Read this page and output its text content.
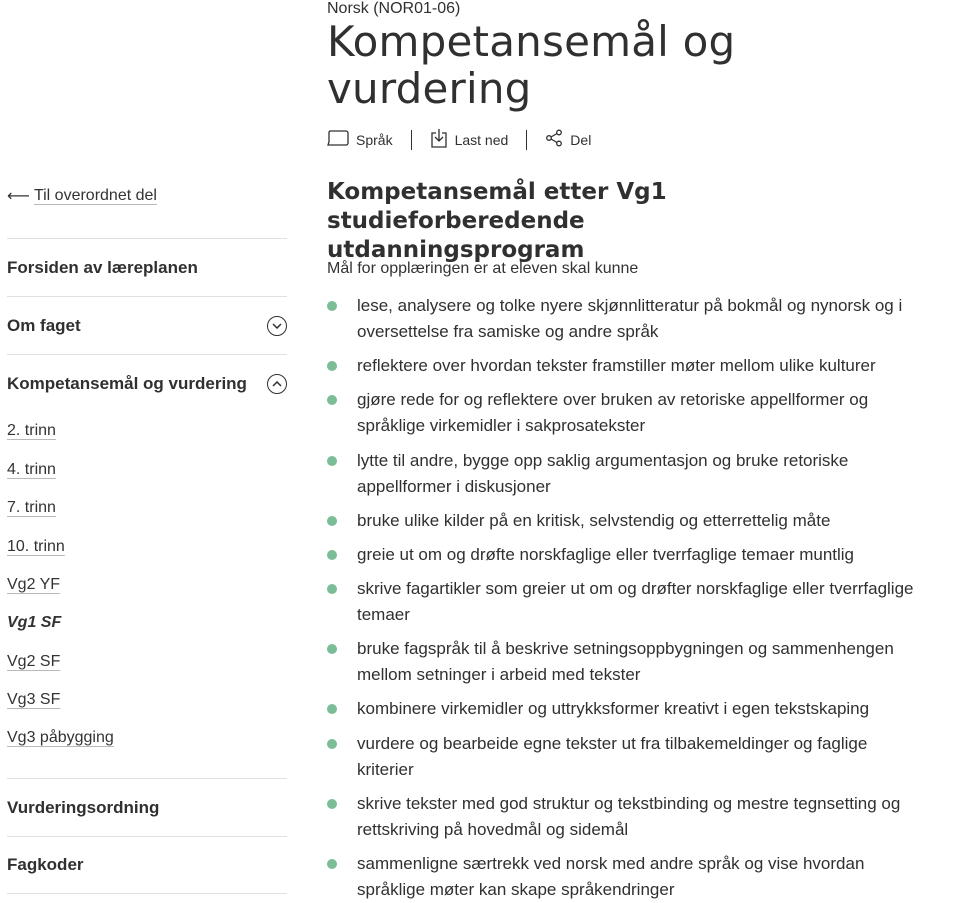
⟵ Til overordnet del
Forsiden av læreplanen
Om faget
Kompetansemål og vurdering
2. trinn
4. trinn
7. trinn
10. trinn
Vg2 YF
Vg1 SF
Vg2 SF
Vg3 SF
Vg3 påbygging
Vurderingsordning
Fagkoder
Norsk (NOR01-06)
Kompetansemål og
vurdering
Språk	Last ned	Del
Kompetansemål etter Vg1 studieforberedende
utdanningsprogram
Mål for opplæringen er at eleven skal kunne
lese, analysere og tolke nyere skjønnlitteratur på bokmål og nynorsk og i oversettelse fra samiske og andre språk
reflektere over hvordan tekster framstiller møter mellom ulike kulturer
gjøre rede for og reflektere over bruken av retoriske appellformer og språklige virkemidler i sakprosatekster
lytte til andre, bygge opp saklig argumentasjon og bruke retoriske appellformer i diskusjoner
bruke ulike kilder på en kritisk, selvstendig og etterrettelig måte
greie ut om og drøfte norskfaglige eller tverrfaglige temaer muntlig
skrive fagartikler som greier ut om og drøfter norskfaglige eller tverrfaglige temaer
bruke fagspråk til å beskrive setningsoppbygningen og sammenhengen mellom setninger i arbeid med tekster
kombinere virkemidler og uttrykksformer kreativt i egen tekstskaping
vurdere og bearbeide egne tekster ut fra tilbakemeldinger og faglige kriterier
skrive tekster med god struktur og tekstbinding og mestre tegnsetting og rettskriving på hovedmål og sidemål
sammenligne særtrekk ved norsk med andre språk og vise hvordan språklige møter kan skape språkendringer
